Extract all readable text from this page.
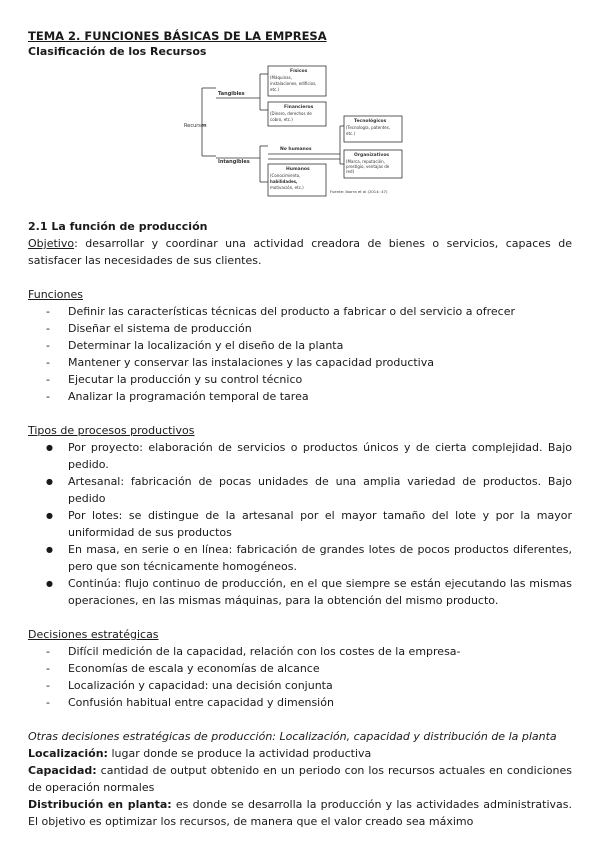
TEMA 2. FUNCIONES BÁSICAS DE LA EMPRESA
Clasificación de los Recursos
Recursos
Tangibles
Intangibles
Físicos
(Máquinas,
instalaciones, edificios,
etc.)
Financieros
(Dinero, derechos de
cobro, etc.)
No humanos
Humanos
(Conocimiento,
habilidades,
motivación, etc.)
Tecnológicos
(Tecnología, patentes,
etc.)
Organizativos
(Marca, reputación,
prestigio, ventajas de
red)
Fuente: Iborra et al (2014: 47)
2.1 La función de producción
Objetivo: desarrollar y coordinar una actividad creadora de bienes o servicios, capaces de satisfacer las necesidades de sus clientes.
Funciones
- Definir las características técnicas del producto a fabricar o del servicio a ofrecer
- Diseñar el sistema de producción
- Determinar la localización y el diseño de la planta
- Mantener y conservar las instalaciones y las capacidad productiva
- Ejecutar la producción y su control técnico
- Analizar la programación temporal de tarea
Tipos de procesos productivos
● Por proyecto: elaboración de servicios o productos únicos y de cierta complejidad. Bajo pedido.
● Artesanal: fabricación de pocas unidades de una amplia variedad de productos. Bajo pedido
● Por lotes: se distingue de la artesanal por el mayor tamaño del lote y por la mayor uniformidad de sus productos
● En masa, en serie o en línea: fabricación de grandes lotes de pocos productos diferentes, pero que son técnicamente homogéneos.
● Continúa: flujo continuo de producción, en el que siempre se están ejecutando las mismas operaciones, en las mismas máquinas, para la obtención del mismo producto.
Decisiones estratégicas
- Difícil medición de la capacidad, relación con los costes de la empresa-
- Economías de escala y economías de alcance
- Localización y capacidad: una decisión conjunta
- Confusión habitual entre capacidad y dimensión
Otras decisiones estratégicas de producción: Localización, capacidad y distribución de la planta
Localización: lugar donde se produce la actividad productiva
Capacidad: cantidad de output obtenido en un periodo con los recursos actuales en condiciones de operación normales
Distribución en planta: es donde se desarrolla la producción y las actividades administrativas. El objetivo es optimizar los recursos, de manera que el valor creado sea máximo
